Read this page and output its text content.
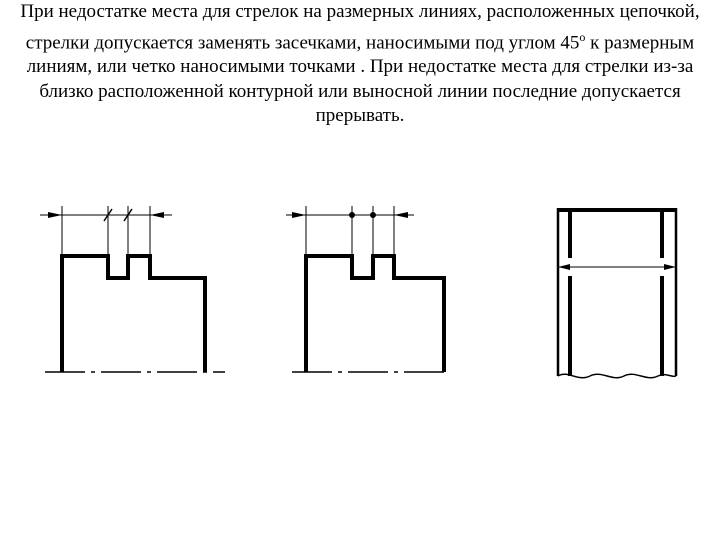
При недостатке места для стрелок на размерных линиях, расположенных цепочкой, стрелки допускается заменять засечками, наносимыми под углом $45^о$ к размерным линиям, или четко наносимыми точками . При недостатке места для стрелки из-за близко расположенной контурной или выносной линии последние допускается прерывать.
